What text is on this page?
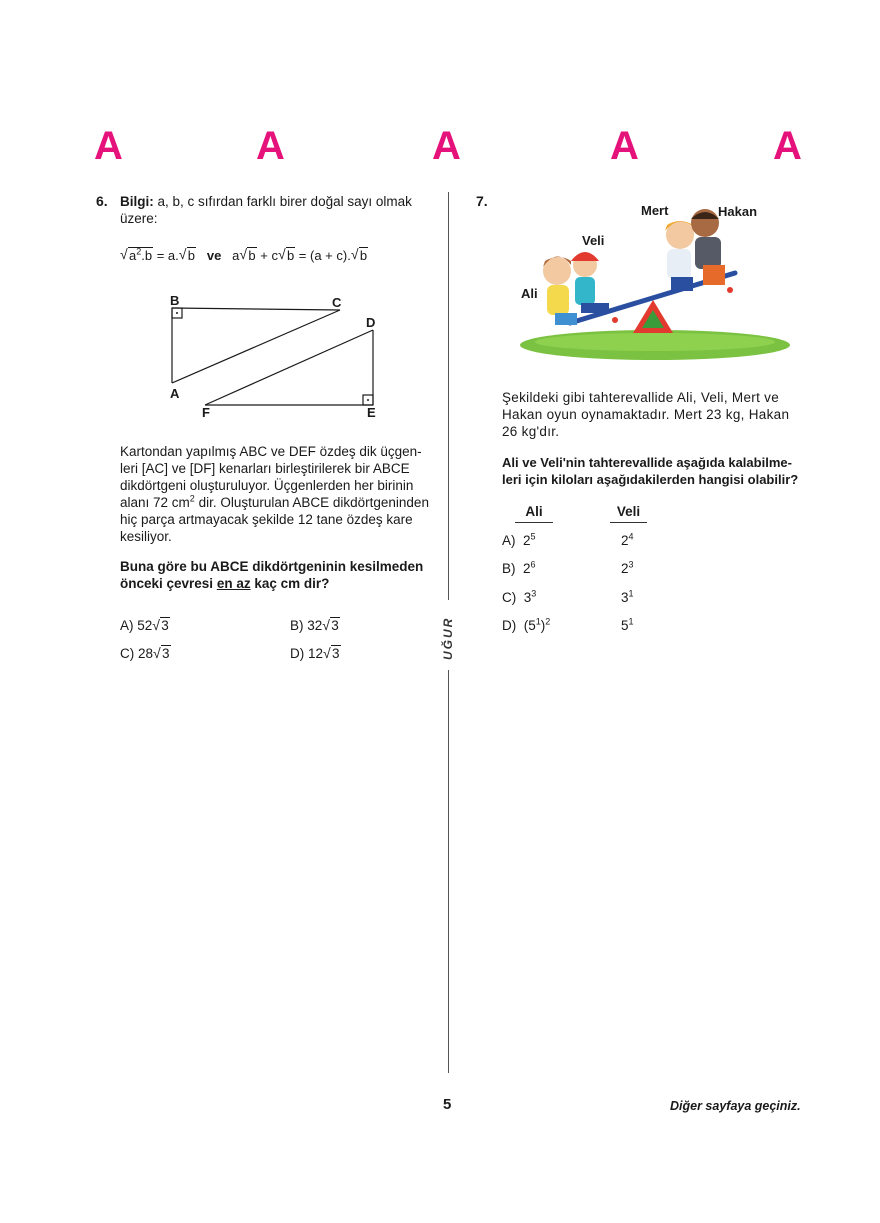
A	A	A	A	A
UĞUR
6. Bilgi: a, b, c sıfırdan farklı birer doğal sayı olmak
üzere:
√ $a^2.b = a.√$ b ve a√ b + c√ b = (a + c).√ b
B	C
D
A
F	E
Kartondan yapılmış ABC ve DEF özdeş dik üçgen-
leri [AC] ve [DF] kenarları birleştirilerek bir ABCE
dikdörtgeni oluşturuluyor. Üçgenlerden her birinin
alanı 72 $cm^2$ dir. Oluşturulan ABCE dikdörtgeninden
hiç parça artmayacak şekilde 12 tane özdeş kare
kesiliyor.
Buna göre bu ABCE dikdörtgeninin kesilmeden
önceki çevresi en az kaç cm dir?
A) 52√ 3	B) 32√ 3
C) 28√ 3	D) 12√ 3
7.
Mert	Hakan
Veli
Ali
Şekildeki gibi tahterevallide Ali, Veli, Mert ve
Hakan oyun oynamaktadır. Mert 23 kg, Hakan
26 kg'dır.
Ali ve Veli'nin tahterevallide aşağıda kalabilme-
leri için kiloları aşağıdakilerden hangisi olabilir?
Ali	Veli
A) $2^5$	$2^4$
B) $2^6$	$2^3$
C) $3^3$	$3^1$
D) $(5^1)^2$	$5^1$
5	Diğer sayfaya geçiniz.
